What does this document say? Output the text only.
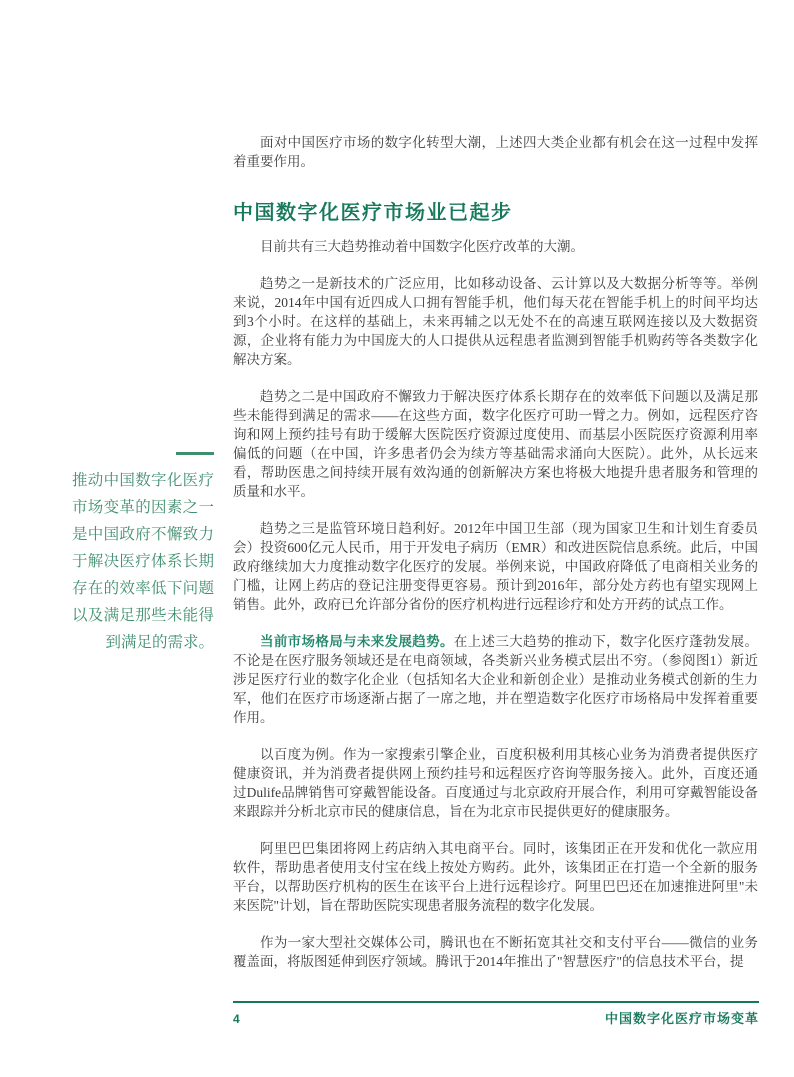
推动中国数字化医疗市场变革的因素之一是中国政府不懈致力于解决医疗体系长期存在的效率低下问题以及满足那些未能得到满足的需求。

面对中国医疗市场的数字化转型大潮，上述四大类企业都有机会在这一过程中发挥着重要作用。

中国数字化医疗市场业已起步

目前共有三大趋势推动着中国数字化医疗改革的大潮。

趋势之一是新技术的广泛应用，比如移动设备、云计算以及大数据分析等等。举例来说，2014年中国有近四成人口拥有智能手机，他们每天花在智能手机上的时间平均达到3个小时。在这样的基础上，未来再辅之以无处不在的高速互联网连接以及大数据资源，企业将有能力为中国庞大的人口提供从远程患者监测到智能手机购药等各类数字化解决方案。

趋势之二是中国政府不懈致力于解决医疗体系长期存在的效率低下问题以及满足那些未能得到满足的需求——在这些方面，数字化医疗可助一臂之力。例如，远程医疗咨询和网上预约挂号有助于缓解大医院医疗资源过度使用、而基层小医院医疗资源利用率偏低的问题（在中国，许多患者仍会为续方等基础需求涌向大医院）。此外，从长远来看，帮助医患之间持续开展有效沟通的创新解决方案也将极大地提升患者服务和管理的质量和水平。

趋势之三是监管环境日趋利好。2012年中国卫生部（现为国家卫生和计划生育委员会）投资600亿元人民币，用于开发电子病历（EMR）和改进医院信息系统。此后，中国政府继续加大力度推动数字化医疗的发展。举例来说，中国政府降低了电商相关业务的门槛，让网上药店的登记注册变得更容易。预计到2016年，部分处方药也有望实现网上销售。此外，政府已允许部分省份的医疗机构进行远程诊疗和处方开药的试点工作。

当前市场格局与未来发展趋势。在上述三大趋势的推动下，数字化医疗蓬勃发展。不论是在医疗服务领域还是在电商领域，各类新兴业务模式层出不穷。（参阅图1）新近涉足医疗行业的数字化企业（包括知名大企业和新创企业）是推动业务模式创新的生力军，他们在医疗市场逐渐占据了一席之地，并在塑造数字化医疗市场格局中发挥着重要作用。

以百度为例。作为一家搜索引擎企业，百度积极利用其核心业务为消费者提供医疗健康资讯，并为消费者提供网上预约挂号和远程医疗咨询等服务接入。此外，百度还通过Dulife品牌销售可穿戴智能设备。百度通过与北京政府开展合作，利用可穿戴智能设备来跟踪并分析北京市民的健康信息，旨在为北京市民提供更好的健康服务。

阿里巴巴集团将网上药店纳入其电商平台。同时，该集团正在开发和优化一款应用软件，帮助患者使用支付宝在线上按处方购药。此外，该集团正在打造一个全新的服务平台，以帮助医疗机构的医生在该平台上进行远程诊疗。阿里巴巴还在加速推进阿里"未来医院"计划，旨在帮助医院实现患者服务流程的数字化发展。

作为一家大型社交媒体公司，腾讯也在不断拓宽其社交和支付平台——微信的业务覆盖面，将版图延伸到医疗领域。腾讯于2014年推出了"智慧医疗"的信息技术平台，提

4	中国数字化医疗市场变革
